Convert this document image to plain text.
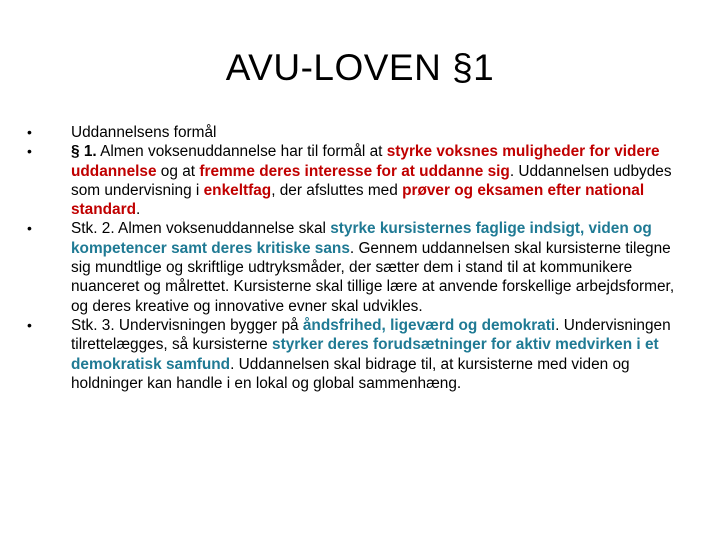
AVU-LOVEN §1
•	Uddannelsens formål
•	§ 1. Almen voksenuddannelse har til formål at styrke voksnes muligheder for videre uddannelse og at fremme deres interesse for at uddanne sig. Uddannelsen udbydes som undervisning i enkeltfag, der afsluttes med prøver og eksamen efter national standard.
•	Stk. 2. Almen voksenuddannelse skal styrke kursisternes faglige indsigt, viden og kompetencer samt deres kritiske sans. Gennem uddannelsen skal kursisterne tilegne sig mundtlige og skriftlige udtryksmåder, der sætter dem i stand til at kommunikere nuanceret og målrettet. Kursisterne skal tillige lære at anvende forskellige arbejdsformer, og deres kreative og innovative evner skal udvikles.
•	Stk. 3. Undervisningen bygger på åndsfrihed, ligeværd og demokrati. Undervisningen tilrettelægges, så kursisterne styrker deres forudsætninger for aktiv medvirken i et demokratisk samfund. Uddannelsen skal bidrage til, at kursisterne med viden og holdninger kan handle i en lokal og global sammenhæng.
